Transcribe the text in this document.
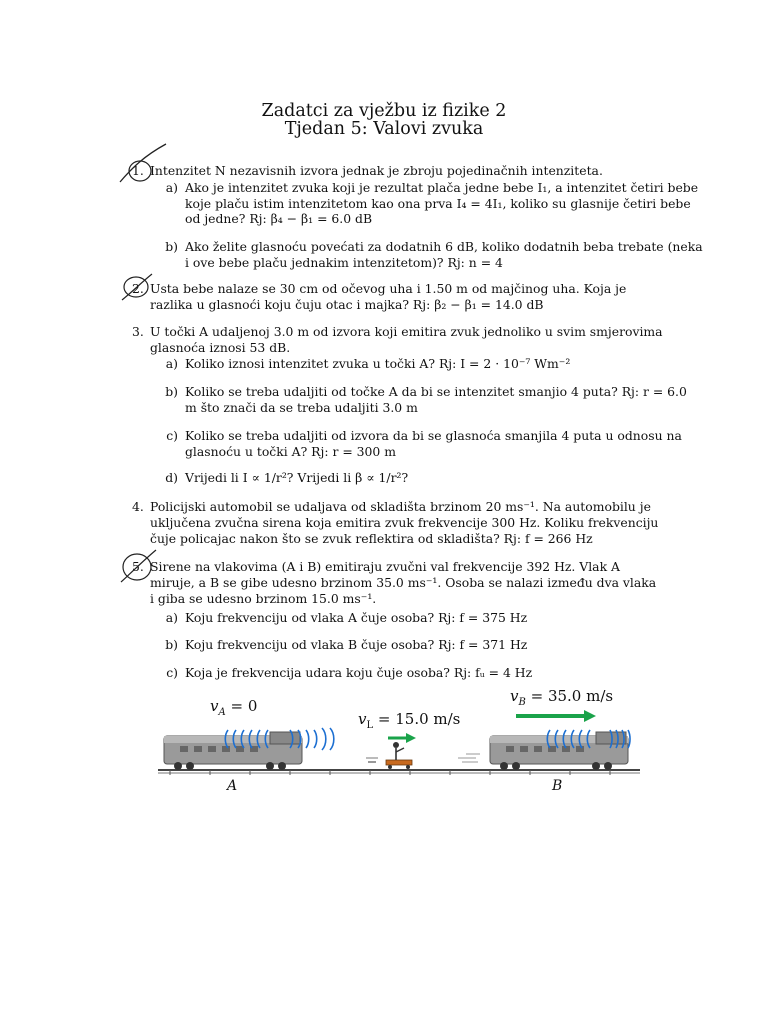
Zadatci za vježbu iz fizike 2
Tjedan 5: Valovi zvuka
1. Intenzitet N nezavisnih izvora jednak je zbroju pojedinačnih intenziteta.
a) Ako je intenzitet zvuka koji je rezultat plača jedne bebe I₁, a intenzitet četiri bebe
koje plaču istim intenzitetom kao ona prva I₄ = 4I₁, koliko su glasnije četiri bebe
od jedne? Rj: β₄ − β₁ = 6.0 dB
b) Ako želite glasnoću povećati za dodatnih 6 dB, koliko dodatnih beba trebate (neka
i ove bebe plaču jednakim intenzitetom)? Rj: n = 4
2. Usta bebe nalaze se 30 cm od očevog uha i 1.50 m od majčinog uha. Koja je
razlika u glasnoći koju čuju otac i majka? Rj: β₂ − β₁ = 14.0 dB
3. U točki A udaljenoj 3.0 m od izvora koji emitira zvuk jednoliko u svim smjerovima
glasnoća iznosi 53 dB.
a) Koliko iznosi intenzitet zvuka u točki A? Rj: I = 2 · 10⁻⁷ Wm⁻²
b) Koliko se treba udaljiti od točke A da bi se intenzitet smanjio 4 puta? Rj: r = 6.0
m što znači da se treba udaljiti 3.0 m
c) Koliko se treba udaljiti od izvora da bi se glasnoća smanjila 4 puta u odnosu na
glasnoću u točki A? Rj: r = 300 m
d) Vrijedi li I ∝ 1/r²? Vrijedi li β ∝ 1/r²?
4. Policijski automobil se udaljava od skladišta brzinom 20 ms⁻¹. Na automobilu je
uključena zvučna sirena koja emitira zvuk frekvencije 300 Hz. Koliku frekvenciju
čuje policajac nakon što se zvuk reflektira od skladišta? Rj: f = 266 Hz
5. Sirene na vlakovima (A i B) emitiraju zvučni val frekvencije 392 Hz. Vlak A
miruje, a B se gibe udesno brzinom 35.0 ms⁻¹. Osoba se nalazi između dva vlaka
i giba se udesno brzinom 15.0 ms⁻¹.
a) Koju frekvenciju od vlaka A čuje osoba? Rj: f = 375 Hz
b) Koju frekvenciju od vlaka B čuje osoba? Rj: f = 371 Hz
c) Koja je frekvencija udara koju čuje osoba? Rj: fᵤ = 4 Hz
$v_A = 0$
$v_L = 15.0$ m/s
$v_B = 35.0$ m/s
A	B
